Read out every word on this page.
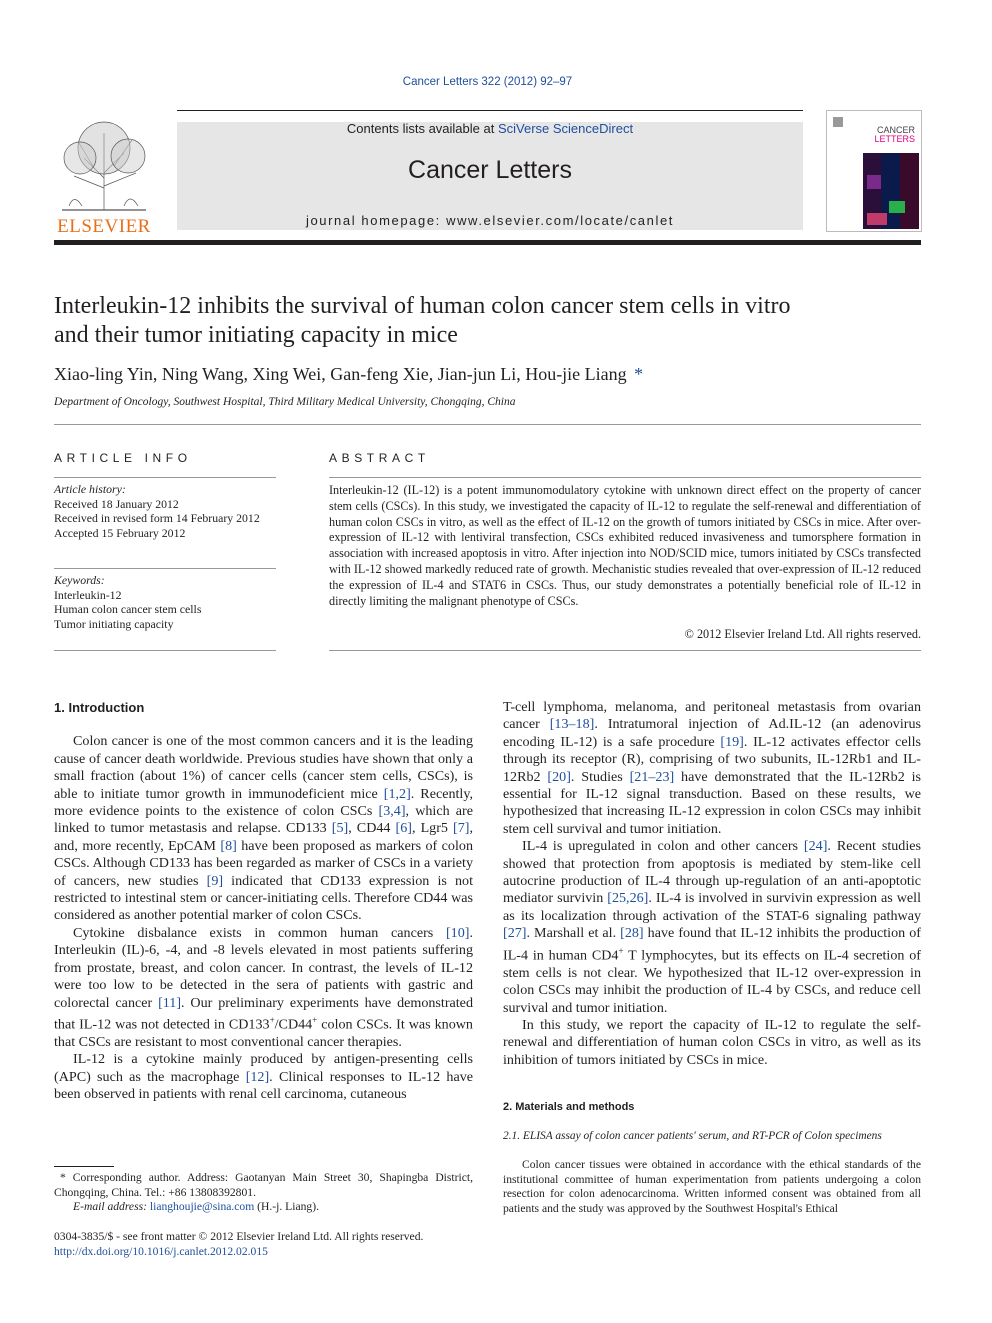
Cancer Letters 322 (2012) 92–97
ELSEVIER
Contents lists available at SciVerse ScienceDirect
Cancer Letters
journal homepage: www.elsevier.com/locate/canlet
CANCER
LETTERS
Interleukin-12 inhibits the survival of human colon cancer stem cells in vitro
and their tumor initiating capacity in mice
Xiao-ling Yin, Ning Wang, Xing Wei, Gan-feng Xie, Jian-jun Li, Hou-jie Liang *
Department of Oncology, Southwest Hospital, Third Military Medical University, Chongqing, China
ARTICLE INFO
Article history:
Received 18 January 2012
Received in revised form 14 February 2012
Accepted 15 February 2012
Keywords:
Interleukin-12
Human colon cancer stem cells
Tumor initiating capacity
ABSTRACT
Interleukin-12 (IL-12) is a potent immunomodulatory cytokine with unknown direct effect on the property of cancer stem cells (CSCs). In this study, we investigated the capacity of IL-12 to regulate the self-renewal and differentiation of human colon CSCs in vitro, as well as the effect of IL-12 on the growth of tumors initiated by CSCs in mice. After over-expression of IL-12 with lentiviral transfection, CSCs exhibited reduced invasiveness and tumorsphere formation in association with increased apoptosis in vitro. After injection into NOD/SCID mice, tumors initiated by CSCs transfected with IL-12 showed markedly reduced rate of growth. Mechanistic studies revealed that over-expression of IL-12 reduced the expression of IL-4 and STAT6 in CSCs. Thus, our study demonstrates a potentially beneficial role of IL-12 in directly limiting the malignant phenotype of CSCs.
© 2012 Elsevier Ireland Ltd. All rights reserved.

1. Introduction

Colon cancer is one of the most common cancers and it is the leading cause of cancer death worldwide. Previous studies have shown that only a small fraction (about 1%) of cancer cells (cancer stem cells, CSCs), is able to initiate tumor growth in immunodeficient mice [1,2]. Recently, more evidence points to the existence of colon CSCs [3,4], which are linked to tumor metastasis and relapse. CD133 [5], CD44 [6], Lgr5 [7], and, more recently, EpCAM [8] have been proposed as markers of colon CSCs. Although CD133 has been regarded as marker of CSCs in a variety of cancers, new studies [9] indicated that CD133 expression is not restricted to intestinal stem or cancer-initiating cells. Therefore CD44 was considered as another potential marker of colon CSCs.

Cytokine disbalance exists in common human cancers [10]. Interleukin (IL)-6, -4, and -8 levels elevated in most patients suffering from prostate, breast, and colon cancer. In contrast, the levels of IL-12 were too low to be detected in the sera of patients with gastric and colorectal cancer [11]. Our preliminary experiments have demonstrated that IL-12 was not detected in CD133+/CD44+ colon CSCs. It was known that CSCs are resistant to most conventional cancer therapies.

IL-12 is a cytokine mainly produced by antigen-presenting cells (APC) such as the macrophage [12]. Clinical responses to IL-12 have been observed in patients with renal cell carcinoma, cutaneous

T-cell lymphoma, melanoma, and peritoneal metastasis from ovarian cancer [13–18]. Intratumoral injection of Ad.IL-12 (an adenovirus encoding IL-12) is a safe procedure [19]. IL-12 activates effector cells through its receptor (R), comprising of two subunits, IL-12Rb1 and IL-12Rb2 [20]. Studies [21–23] have demonstrated that the IL-12Rb2 is essential for IL-12 signal transduction. Based on these results, we hypothesized that increasing IL-12 expression in colon CSCs may inhibit stem cell survival and tumor initiation.

IL-4 is upregulated in colon and other cancers [24]. Recent studies showed that protection from apoptosis is mediated by stem-like cell autocrine production of IL-4 through up-regulation of an anti-apoptotic mediator survivin [25,26]. IL-4 is involved in survivin expression as well as its localization through activation of the STAT-6 signaling pathway [27]. Marshall et al. [28] have found that IL-12 inhibits the production of IL-4 in human CD4+ T lymphocytes, but its effects on IL-4 secretion of stem cells is not clear. We hypothesized that IL-12 over-expression in colon CSCs may inhibit the production of IL-4 by CSCs, and reduce cell survival and tumor initiation.

In this study, we report the capacity of IL-12 to regulate the self-renewal and differentiation of human colon CSCs in vitro, as well as its inhibition of tumors initiated by CSCs in mice.

2. Materials and methods
2.1. ELISA assay of colon cancer patients' serum, and RT-PCR of Colon specimens
Colon cancer tissues were obtained in accordance with the ethical standards of the institutional committee of human experimentation from patients undergoing a colon resection for colon adenocarcinoma. Written informed consent was obtained from all patients and the study was approved by the Southwest Hospital's Ethical
* Corresponding author. Address: Gaotanyan Main Street 30, Shapingba District, Chongqing, China. Tel.: +86 13808392801.
E-mail address: lianghoujie@sina.com (H.-j. Liang).
0304-3835/$ - see front matter © 2012 Elsevier Ireland Ltd. All rights reserved.
http://dx.doi.org/10.1016/j.canlet.2012.02.015
